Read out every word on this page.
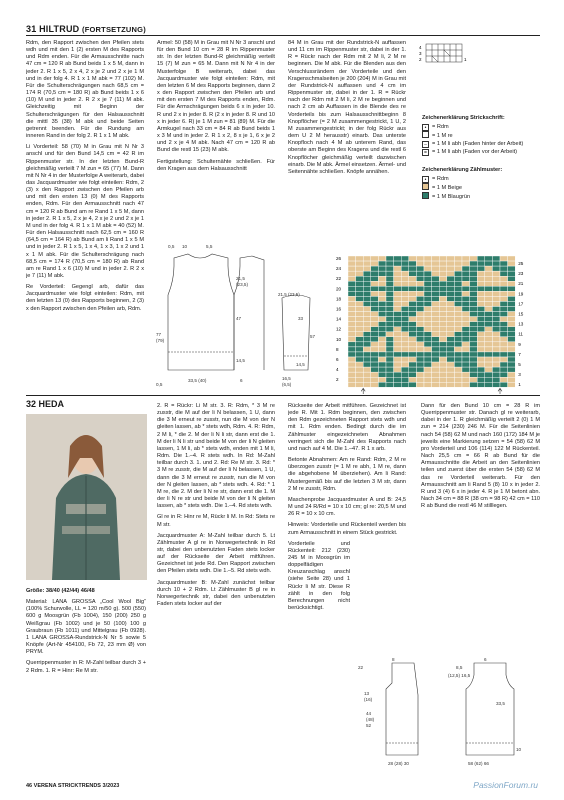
31 HILTRUD (FORTSETZUNG)

Rdm, den Rapport zwischen den Pfeilen stets wdh und mit den 1 (2) ersten M des Rapports und Rdm enden. Für die Armausschnitte nach 47 cm = 120 R ab Bund beids 1 x 5 M, dann in jeder 2. R 1 x 5, 2 x 4, 2 x je 2 und 2 x je 1 M und in der folg 4. R 1 x 1 M abk = 77 (102) M. Für die Schulterschrägungen nach 68,5 cm = 174 R (70,5 cm = 180 R) ab Bund beids 1 x 6 (10) M und in jeder 2. R 2 x je 7 (11) M abk. Gleichzeitig mit Beginn der Schulterschrägungen für den Halsausschnitt die mittl 35 (38) M abk und beide Seiten getrennt beenden. Für die Rundung am inneren Rand in der folg 2. R 1 x 1 M abk.

Li Vorderteil: 58 (70) M in Grau mit N Nr 3 anschl und für den Bund 14,5 cm = 42 R im Rippenmuster str. In der letzten Bund-R gleichmäßig verteilt 7 M zun = 65 (77) M. Dann mit N Nr 4 in der Musterfolge A weiterarb, dabei das Jacquardmuster wie folgt einteilen: Rdm, 2 (3) x den Rapport zwischen den Pfeilen arb und mit den ersten 13 (0) M des Rapports enden, Rdm. Für den Armausschnitt nach 47 cm = 120 R ab Bund am re Rand 1 x 5 M, dann in jeder 2. R 1 x 5, 2 x je 4, 2 x je 2 und 2 x je 1 M und in der folg 4. R 1 x 1 M abk = 40 (52) M. Für den Halsausschnitt nach 62,5 cm = 160 R (64,5 cm = 164 R) ab Bund am li Rand 1 x 5 M und in jeder 2. R 1 x 5, 1 x 4, 1 x 3, 1 x 2 und 1 x 1 M abk. Für die Schulterschrägung nach 68,5 cm = 174 R (70,5 cm = 180 R) ab Rand am re Rand 1 x 6 (10) M und in jeder 2. R 2 x je 7 (11) M abk.

Re Vorderteil: Gegengl arb, dafür das Jacquardmuster wie folgt einteilen: Rdm, mit den letzten 13 (0) des Rapports beginnen, 2 (3) x den Rapport zwischen den Pfeilen arb, Rdm.

Ärmel: 50 (58) M in Grau mit N Nr 3 anschl und für den Bund 10 cm = 28 R im Rippenmuster str. In der letzten Bund-R gleichmäßig verteilt 15 (7) M zun = 65 M. Dann mit N Nr 4 in der Musterfolge B weiterarb, dabei das Jacquardmuster wie folgt einteilen: Rdm, mit den letzten 6 M des Rapports beginnen, dann 2 x den Rapport zwischen den Pfeilen arb und mit den ersten 7 M des Rapports enden, Rdm. Für die Armschrägungen beids 6 x in jeder 10. R und 2 x in jeder 8. R (2 x in jeder 8. R und 10 x in jeder 6. R) je 1 M zun = 81 (89) M. Für die Armkugel nach 33 cm = 84 R ab Bund beids 1 x 3 M und in jeder 2. R 1 x 2, 8 x je 1, 6 x je 2 und 2 x je 4 M abk. Nach 47 cm = 120 R ab Bund die restl 15 (23) M abk.

Fertigstellung: Schulternähte schließen. Für den Kragen aus dem Halsausschnitt

84 M in Grau mit der Rundstrick-N auffassen und 11 cm im Rippenmuster str, dabei in der 1. R = Rückr nach der Rdm mit 2 M li, 2 M re beginnen. Die M abk. Für die Blenden aus den Verschlussrändern der Vorderteile und den Kragenschmalseiten je 200 (204) M in Grau mit der Rundstrick-N auffassen und 4 cm im Rippenmuster str, dabei in der 1. R = Rückr nach der Rdm mit 2 M li, 2 M re beginnen und nach 2 cm ab Auffassen in die Blende des re Vorderteils bis zum Halsausschnittbeginn 8 Knopflöcher (= 2 M zusammengestrickt, 1 U, 2 M zusammengestrickt; in der folg Rückr aus dem U 2 M herausstr) einarb. Das unterste Knopfloch nach 4 M ab unterem Rand, das oberste am Beginn des Kragens und die restl 6 Knopflöcher gleichmäßig verteilt dazwischen einarb. Die M abk. Ärmel einsetzen. Ärmel- und Seitennähte schließen. Knöpfe annähen.

4
3
2	1
Zeichenerklärung Strickschrift:
• = Rdm
= 1 M re
– = 1 M li abh (Faden hinter der Arbeit)
= = 1 M li abh (Faden vor der Arbeit)
Zeichenerklärung Zählmuster:
• = Rdm
= 1 M Beige
= 1 M Blaugrün
0,5 10	5,5
21,5
(23,5)
47
77
(79)
33,5 (40)
14,5
0,5
6
21,5 (23,5)
33
57
14,5
16,5
(6,5)
26
24
22
20
18
16
14
12
10
8
6
4
2
25
23
21
19
17
15
13
11
9
7
5
3
1
32 HEDA

Größe: 38/40 (42/44) 46/48

Material: LANA GROSSA „Cool Wool Big“ (100% Schurwolle, LL = 120 m/50 g). 500 (550) 600 g Moosgrün (Fb 1004), 150 (200) 250 g Weißgrau (Fb 1002) und je 50 (100) 100 g Graubraun (Fb 1011) und Mittelgrau (Fb 0928). 1 LANA GROSSA-Rundstrick-N Nr 5 sowie 5 Knöpfe (Art-Nr 454100, Fb 72, 23 mm Ø) von PRYM.

Querrippenmuster in R: M-Zahl teilbar durch 3 + 2 Rdm. 1. R = Hinr: Re M str.

2. R = Rückr: Li M str. 3. R: Rdm, * 3 M re zusstr, die M auf der li N belassen, 1 U, dann die 3 M erneut re zusstr, nun die M von der N gleiten lassen, ab * stets wdh, Rdm. 4. R: Rdm, 2 M li, * die 2. M der li N li str, dann erst die 1. M der li N li str und beide M von der li N gleiten lassen, 1 M li, ab * stets wdh, enden mit 1 M li, Rdm. Die 1.–4. R stets wdh. In Rd: M-Zahl teilbar durch 3. 1. und 2. Rd: Re M str. 3. Rd: * 3 M re zusstr, die M auf der li N belassen, 1 U, dann die 3 M erneut re zusstr, nun die M von der N gleiten lassen, ab * stets wdh. 4. Rd: * 1 M re, die 2. M der li N re str, dann erst die 1. M der li N re str und beide M von der li N gleiten lassen, ab * stets wdh. Die 1.–4. Rd stets wdh.

Gl re in R: Hinr re M, Rückr li M. In Rd: Stets re M str.

Jacquardmuster A: M-Zahl teilbar durch 5. Lt Zählmuster A gl re in Norwegertechnik in Rd str, dabei den unbenutzten Faden stets locker auf der Rückseite der Arbeit mitführen. Gezeichnet ist jede Rd. Den Rapport zwischen den Pfeilen stets wdh. Die 1.–5. Rd stets wdh.

Jacquardmuster B: M-Zahl zunächst teilbar durch 10 + 2 Rdm. Lt Zählmuster B gl re in Norwegertechnik str, dabei den unbenutzten Faden stets locker auf der

Rückseite der Arbeit mitführen. Gezeichnet ist jede R. Mit 1. Rdm beginnen, den zwischen den Rdm gezeichneten Rapport stets wdh und mit 1. Rdm enden. Bedingt durch die im Zählmuster eingezeichneten Abnahmen verringert sich die M-Zahl des Rapports nach und nach auf 4 M. Die 1.–47. R 1 x arb.

Betonte Abnahmen: Am re Rand: Rdm, 2 M re überzogen zusstr (= 1 M re abh, 1 M re, dann die abgehobene M überziehen). Am li Rand: Mustergemäß bis auf die letzten 3 M str, dann 2 M re zusstr, Rdm.

Maschenprobe Jacquardmuster A und B: 24,5 M und 24 R/Rd = 10 x 10 cm; gl re: 20,5 M und 26 R = 10 x 10 cm.

Hinweis: Vorderteile und Rückenteil werden bis zum Armausschnitt in einem Stück gestrickt.

Vorderteile und Rückenteil: 212 (230) 245 M in Moosgrün im doppelfädigen Kreuzanschlag anschl (siehe Seite 28) und 1 Rückr li M str. Diese R zählt in den folg Berechnungen nicht berücksichtigt.

Dann für den Bund 10 cm = 28 R im Querrippenmuster str. Danach gl re weiterarb, dabei in der 1. R gleichmäßig verteilt 2 (0) 1 M zun = 214 (230) 246 M. Für die Seitenlinien nach 54 (58) 62 M und nach 160 (172) 184 M je jeweils eine Markierung setzen = 54 (58) 62 M pro Vorderteil und 106 (114) 122 M Rückenteil. Nach 25,5 cm = 66 R ab Bund für die Armausschnitte die Arbeit an den Seitenlinien teilen und zuerst über die ersten 54 (58) 62 M das re Vorderteil weiterarb. Für den Armausschnitt am li Rand 5 (8) 10 x in jeder 2. R und 3 (4) 6 x in jeder 4. R je 1 M betont abn. Nach 34 cm = 88 R (38 cm = 98 R) 42 cm = 110 R ab Bund die restl 46 M stilllegen.

22
8
13
(16)
44
(48)
52
28 (28) 30	58 (62) 66
8,5
(12,5) 16,5
6
33,5
10
46 VERENA STRICKTRENDS 3/2023	PassionForum.ru
